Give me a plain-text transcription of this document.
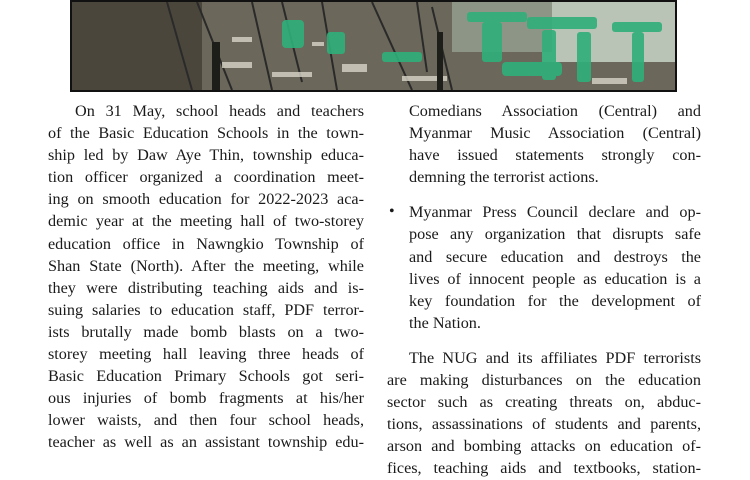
On 31 May, school heads and teachers
of the Basic Education Schools in the town-
ship led by Daw Aye Thin, township educa-
tion officer organized a coordination meet-
ing on smooth education for 2022-2023 aca-
demic year at the meeting hall of two-storey
education office in Nawngkio Township of
Shan State (North). After the meeting, while
they were distributing teaching aids and is-
suing salaries to education staff, PDF terror-
ists brutally made bomb blasts on a two-
storey meeting hall leaving three heads of
Basic Education Primary Schools got seri-
ous injuries of bomb fragments at his/her
lower waists, and then four school heads,
teacher as well as an assistant township edu-

Comedians Association (Central) and
Myanmar Music Association (Central)
have issued statements strongly con-
demning the terrorist actions.
• Myanmar Press Council declare and op-
pose any organization that disrupts safe
and secure education and destroys the
lives of innocent people as education is a
key foundation for the development of
the Nation.
The NUG and its affiliates PDF terrorists
are making disturbances on the education
sector such as creating threats on, abduc-
tions, assassinations of students and parents,
arson and bombing attacks on education of-
fices, teaching aids and textbooks, station-
